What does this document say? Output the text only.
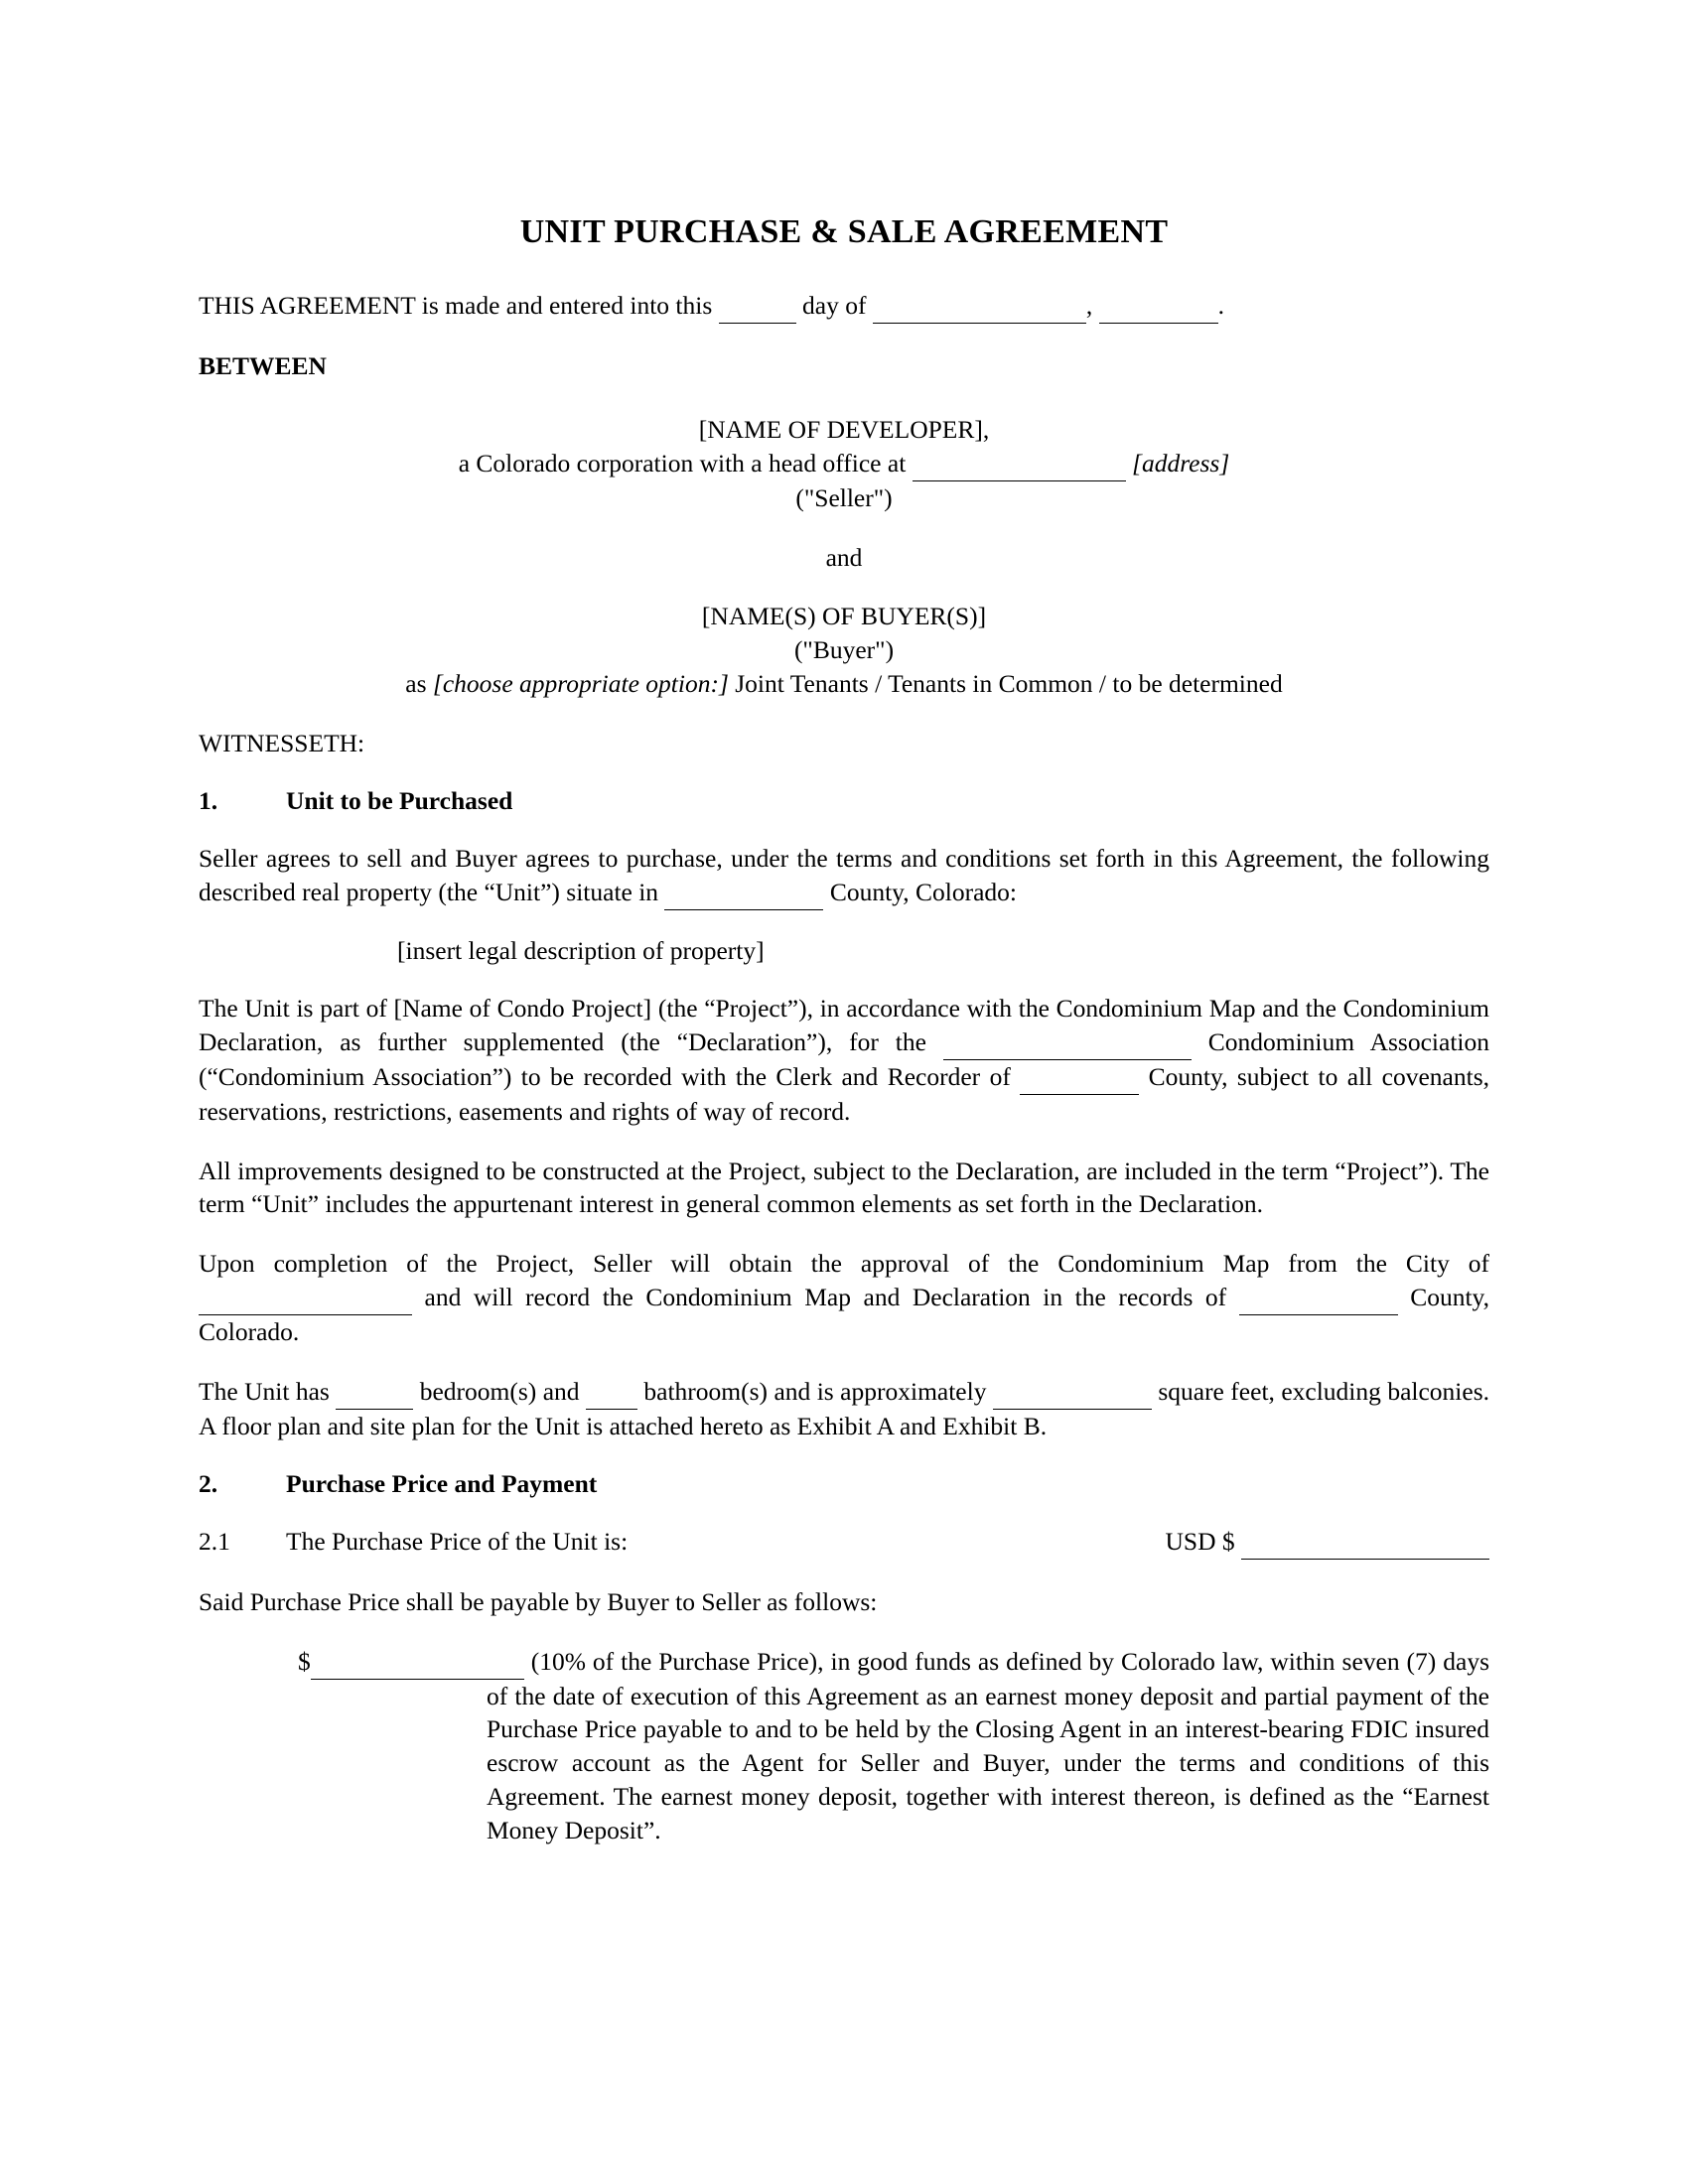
UNIT PURCHASE & SALE AGREEMENT

THIS AGREEMENT is made and entered into this	day of	,	.

BETWEEN

[NAME OF DEVELOPER],
a Colorado corporation with a head office at	[address]
("Seller")
and
[NAME(S) OF BUYER(S)]
("Buyer")
as [choose appropriate option:] Joint Tenants / Tenants in Common / to be determined

WITNESSETH:

1.	Unit to be Purchased

Seller agrees to sell and Buyer agrees to purchase, under the terms and conditions set forth in this Agreement, the following described real property (the “Unit”) situate in	County, Colorado:

[insert legal description of property]

The Unit is part of [Name of Condo Project] (the “Project”), in accordance with the Condominium Map and the Condominium Declaration, as further supplemented (the “Declaration”), for the	Condominium Association (“Condominium Association”) to be recorded with the Clerk and Recorder of	County, subject to all covenants, reservations, restrictions, easements and rights of way of record.

All improvements designed to be constructed at the Project, subject to the Declaration, are included in the term “Project”). The term “Unit” includes the appurtenant interest in general common elements as set forth in the Declaration.

Upon completion of the Project, Seller will obtain the approval of the Condominium Map from the City of   and will record the Condominium Map and Declaration in the records of	County, Colorado.

The Unit has	bedroom(s) and   bathroom(s) and is approximately	square feet, excluding balconies. A floor plan and site plan for the Unit is attached hereto as Exhibit A and Exhibit B.

2.	Purchase Price and Payment
2.1	The Purchase Price of the Unit is:	USD $

Said Purchase Price shall be payable by Buyer to Seller as follows:

$	(10% of the Purchase Price), in good funds as defined by Colorado law, within seven (7) days of the date of execution of this Agreement as an earnest money deposit and partial payment of the Purchase Price payable to and to be held by the Closing Agent in an interest-bearing FDIC insured escrow account as the Agent for Seller and Buyer, under the terms and conditions of this Agreement. The earnest money deposit, together with interest thereon, is defined as the “Earnest Money Deposit”.
